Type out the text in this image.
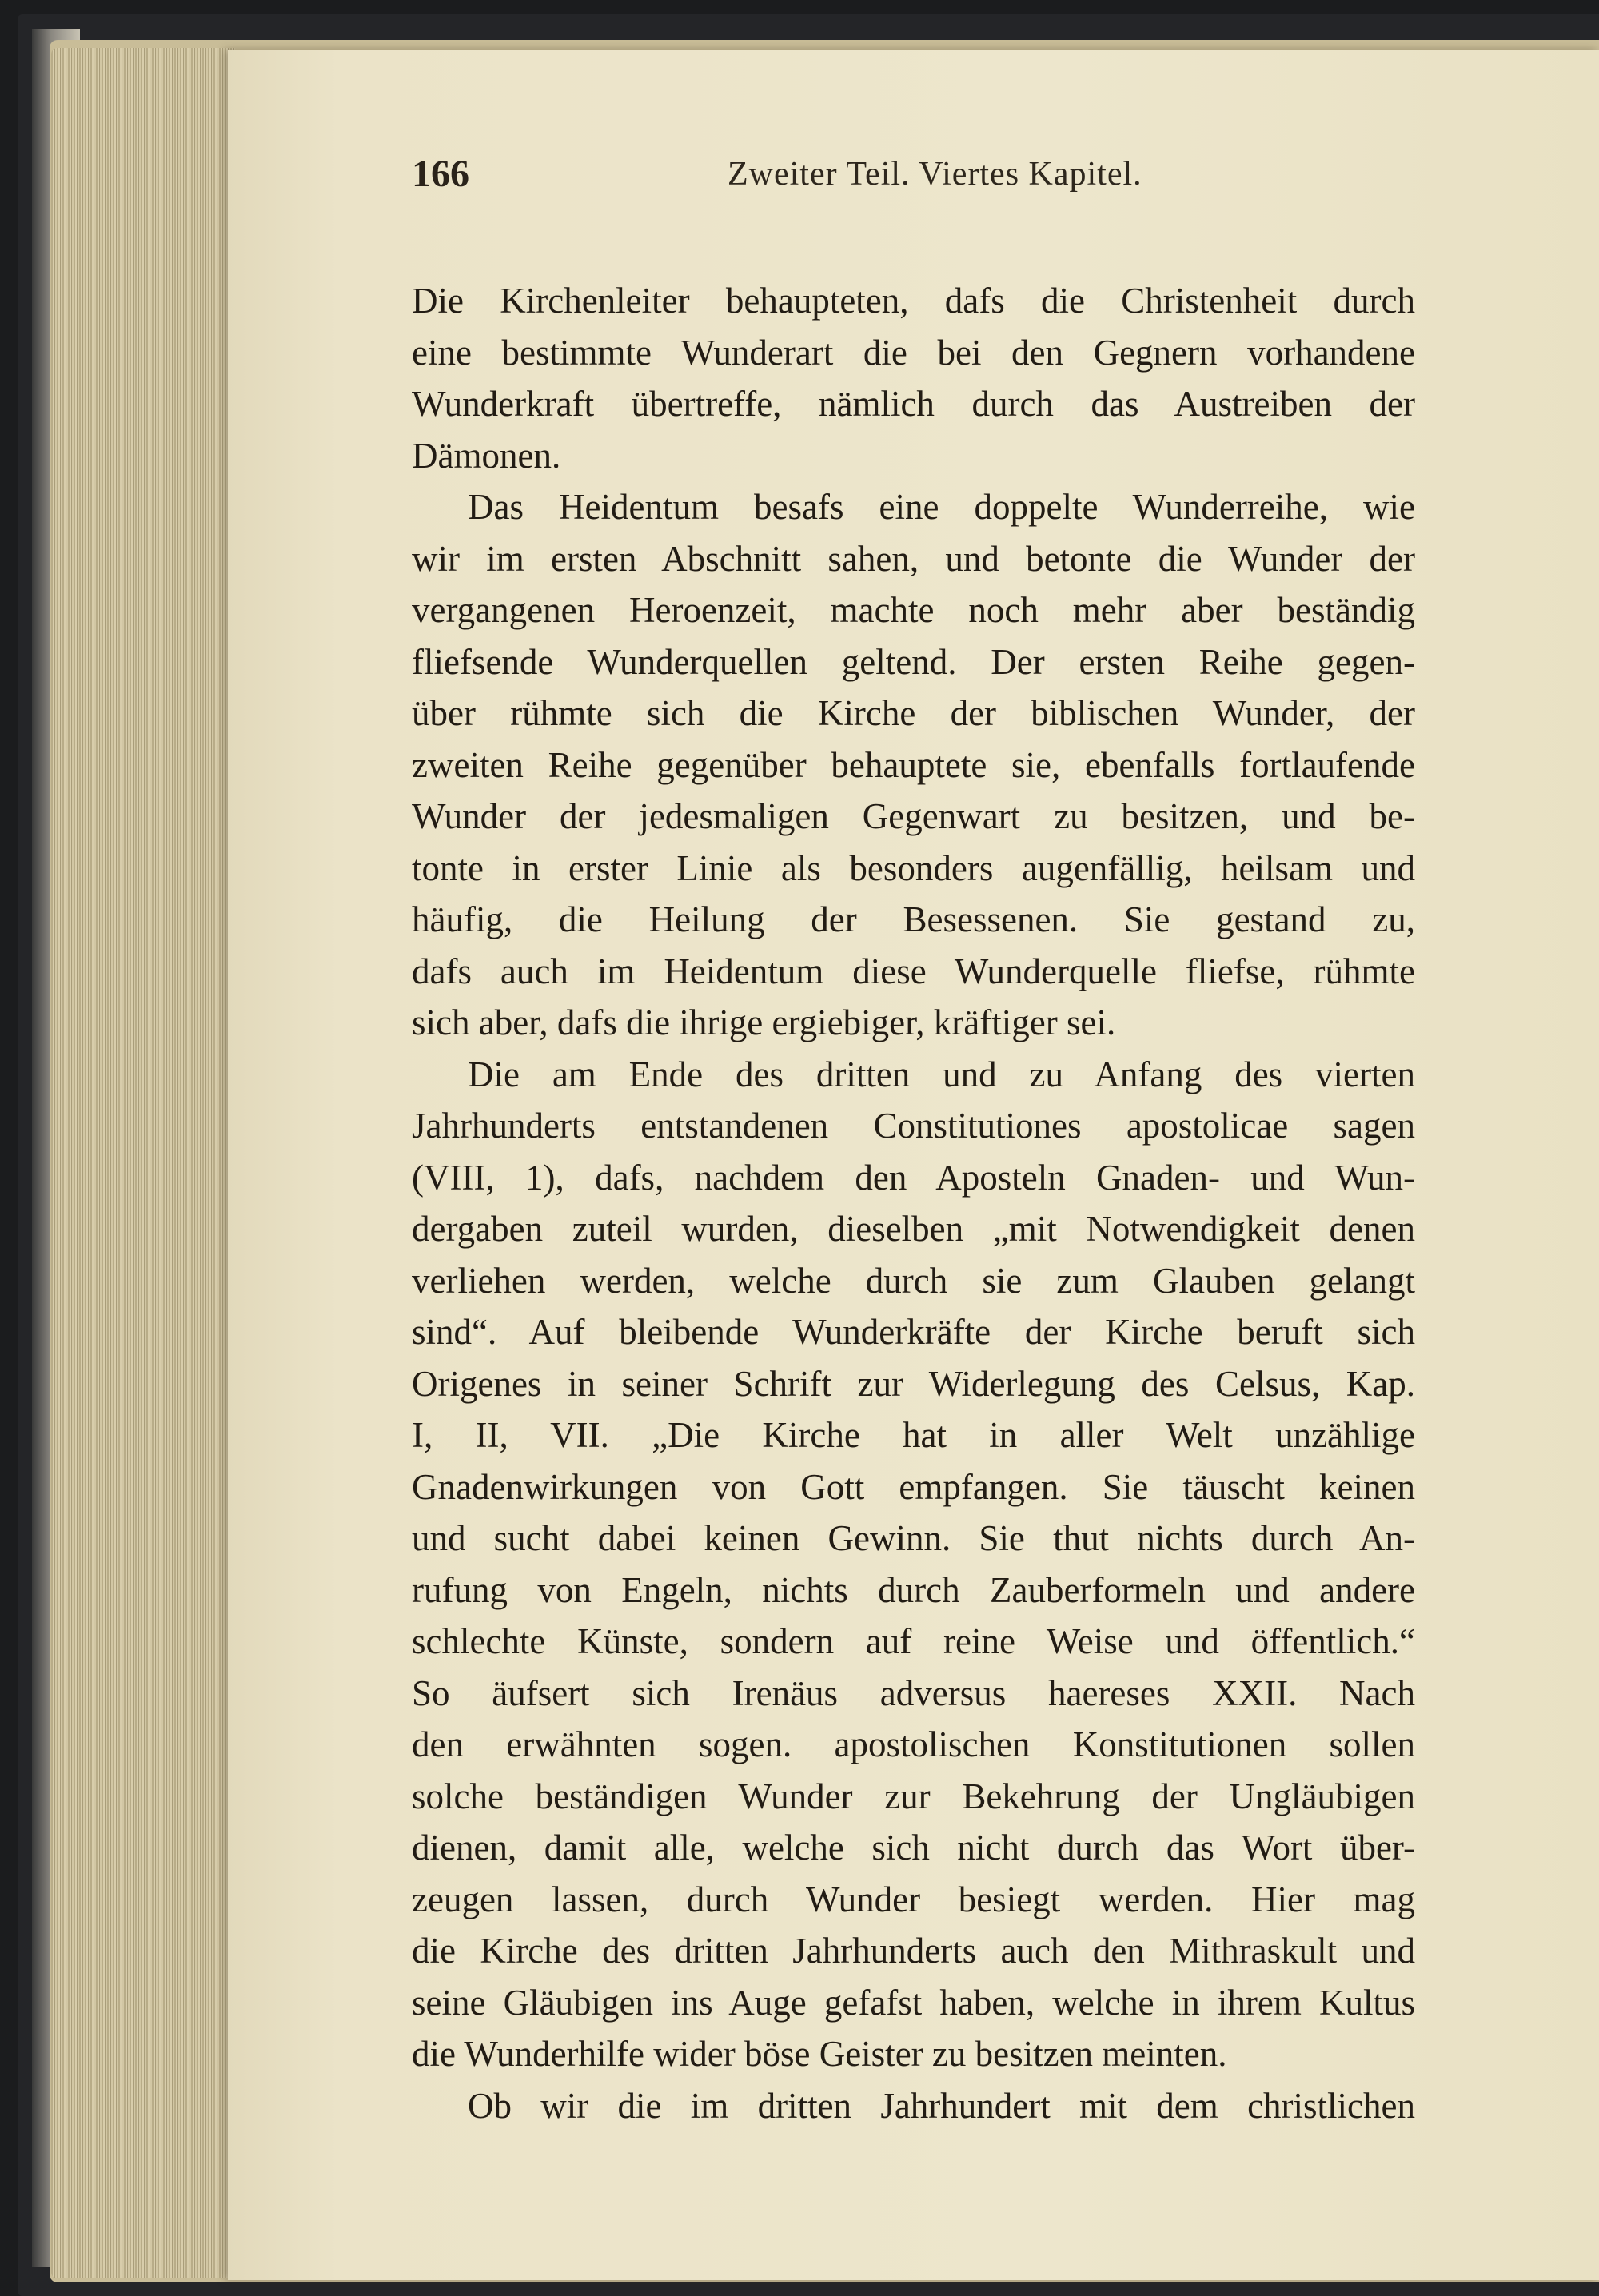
166	Zweiter Teil. Viertes Kapitel.
Die Kirchenleiter behaupteten, dafs die Christenheit durch
eine bestimmte Wunderart die bei den Gegnern vorhandene
Wunderkraft übertreffe, nämlich durch das Austreiben der
Dämonen.
Das Heidentum besafs eine doppelte Wunderreihe, wie
wir im ersten Abschnitt sahen, und betonte die Wunder der
vergangenen Heroenzeit, machte noch mehr aber beständig
fliefsende Wunderquellen geltend. Der ersten Reihe gegen-
über rühmte sich die Kirche der biblischen Wunder, der
zweiten Reihe gegenüber behauptete sie, ebenfalls fortlaufende
Wunder der jedesmaligen Gegenwart zu besitzen, und be-
tonte in erster Linie als besonders augenfällig, heilsam und
häufig, die Heilung der Besessenen. Sie gestand zu,
dafs auch im Heidentum diese Wunderquelle fliefse, rühmte
sich aber, dafs die ihrige ergiebiger, kräftiger sei.
Die am Ende des dritten und zu Anfang des vierten
Jahrhunderts entstandenen Constitutiones apostolicae sagen
(VIII, 1), dafs, nachdem den Aposteln Gnaden- und Wun-
dergaben zuteil wurden, dieselben „mit Notwendigkeit denen
verliehen werden, welche durch sie zum Glauben gelangt
sind“. Auf bleibende Wunderkräfte der Kirche beruft sich
Origenes in seiner Schrift zur Widerlegung des Celsus, Kap.
I, II, VII. „Die Kirche hat in aller Welt unzählige
Gnadenwirkungen von Gott empfangen. Sie täuscht keinen
und sucht dabei keinen Gewinn. Sie thut nichts durch An-
rufung von Engeln, nichts durch Zauberformeln und andere
schlechte Künste, sondern auf reine Weise und öffentlich.“
So äufsert sich Irenäus adversus haereses XXII. Nach
den erwähnten sogen. apostolischen Konstitutionen sollen
solche beständigen Wunder zur Bekehrung der Ungläubigen
dienen, damit alle, welche sich nicht durch das Wort über-
zeugen lassen, durch Wunder besiegt werden. Hier mag
die Kirche des dritten Jahrhunderts auch den Mithraskult und
seine Gläubigen ins Auge gefafst haben, welche in ihrem Kultus
die Wunderhilfe wider böse Geister zu besitzen meinten.
Ob wir die im dritten Jahrhundert mit dem christlichen
